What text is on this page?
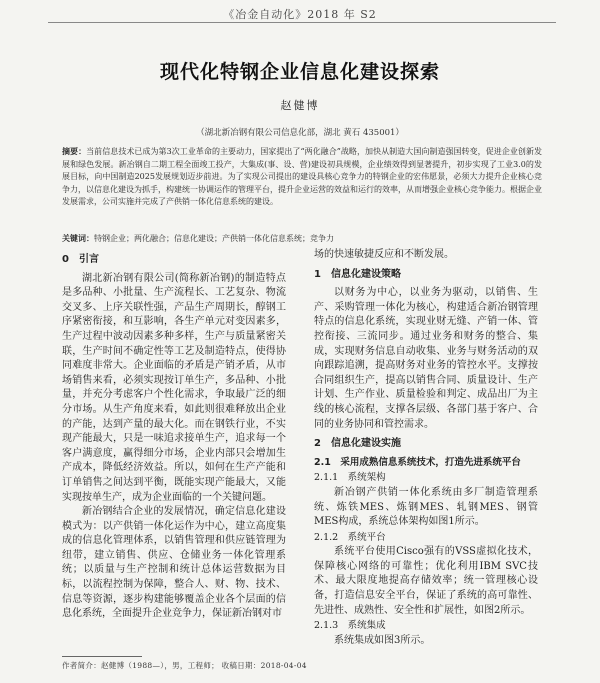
《冶金自动化》2018 年 S2
现代化特钢企业信息化建设探索
赵健博
（湖北新冶钢有限公司信息化部，湖北 黄石 435001）
摘要：当前信息技术已成为第3次工业革命的主要动力，国家提出了“两化融合”战略，加快从制造大国向制造强国转变，促进企业创新发展和绿色发展。新冶钢自二期工程全面竣工投产，大集成(事、设、营)建设初具规模，企业绩效得到显著提升，初步实现了工业3.0的发展目标，向中国制造2025发展规划迈步前进。为了实现公司提出的建设具核心竞争力的特钢企业的宏伟愿景，必须大力提升企业核心竞争力，以信息化建设为抓手，构建统一协调运作的管理平台，提升企业运营的效益和运行的效率，从而增强企业核心竞争能力。根据企业发展需求，公司实施并完成了产供销一体化信息系统的建设。
关键词：特钢企业；两化融合；信息化建设；产供销一体化信息系统；竞争力
0　引言

湖北新冶钢有限公司(简称新冶钢)的制造特点是多品种、小批量、生产流程长、工艺复杂、物流交叉多、上序关联性强，产品生产周期长，醇钢工序紧密衔接，和互影响，各生产单元对变因素多，生产过程中波动因素多种多样，生产与质量紧密关联，生产时间不确定性等工艺及制造特点，使得协同难度非常大。企业面临的矛盾是产销矛盾，从市场销售来看，必须实现按订单生产，多品种、小批量，并充分考虑客户个性化需求，争取最广泛的细分市场。从生产角度来看，如此则很难释放出企业的产能，达到产量的最大化。而在钢铁行业，不实现产能最大，只是一味追求接单生产，追求每一个客户满意度，赢得细分市场，企业内部只会增加生产成本，降低经济效益。所以，如何在生产产能和订单销售之间达到平衡，既能实现产能最大，又能实现按单生产，成为企业面临的一个关键问题。

新冶钢结合企业的发展情况，确定信息化建设模式为：以产供销一体化运作为中心，建立高度集成的信息化管理体系，以销售管理和供应链管理为纽带，建立销售、供应、仓储业务一体化管理系统；以质量与生产控制和统计总体运营数据为目标，以流程控制为保障，整合人、财、物、技术、信息等资源，逐步构建能够覆盖企业各个层面的信息化系统，全面提升企业竞争力，保证新冶钢对市

场的快速敏捷反应和不断发展。

1　信息化建设策略

以财务为中心，以业务为驱动，以销售、生产、采购管理一体化为核心，构建适合新冶钢管理特点的信息化系统，实现业财无缝、产销一体、管控衔接、三流同步。通过业务和财务的整合、集成，实现财务信息自动收集、业务与财务活动的双向跟踪追溯，提高财务对业务的管控水平。支撑按合同组织生产，提高以销售合同、质量设计、生产计划、生产作业、质量检验和判定、成品出厂为主线的核心流程，支撑各层级、各部门基于客户、合同的业务协同和管控需求。

2　信息化建设实施
2.1　采用成熟信息系统技术，打造先进系统平台
2.1.1　系统架构

新冶钢产供销一体化系统由多厂制造管理系统、炼铁MES、炼钢MES、轧钢MES、钢管MES构成，系统总体架构如图1所示。

2.1.2　系统平台

系统平台使用Cisco强有的VSS虚拟化技术，保障核心网络的可靠性；优化利用IBM SVC技术、最大限度地提高存储效率；统一管理核心设备，打造信息安全平台，保证了系统的高可靠性、先进性、成熟性、安全性和扩展性，如图2所示。

2.1.3　系统集成

系统集成如图3所示。

作者简介：赵健博（1988—），男，工程师； 收稿日期：2018-04-04
